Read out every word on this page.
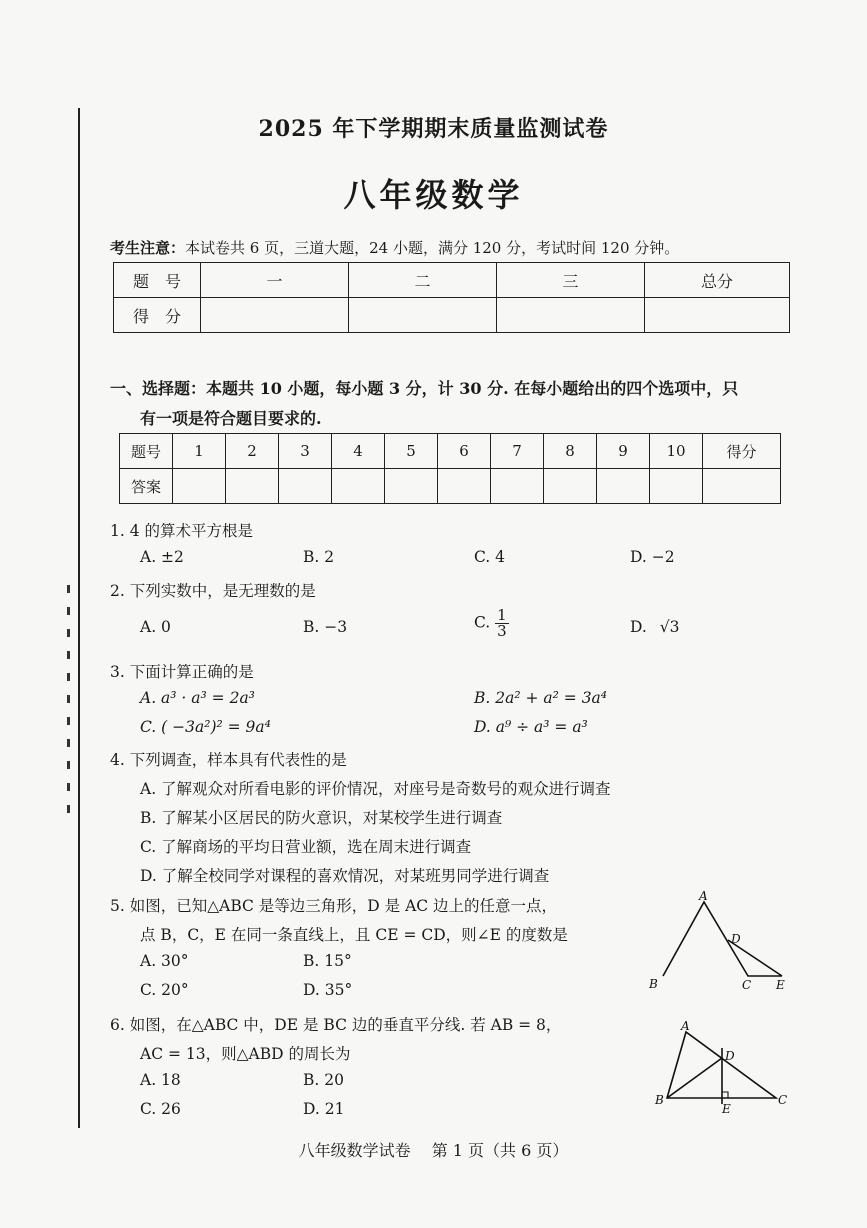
2025 年下学期期末质量监测试卷
八年级数学
考生注意：本试卷共 6 页，三道大题，24 小题，满分 120 分，考试时间 120 分钟。
题　号	一	二	三	总分
得　分				
一、选择题：本题共 10 小题，每小题 3 分，计 30 分. 在每小题给出的四个选项中，只
有一项是符合题目要求的.
题号	1	2	3	4	5	6	7	8	9	10	得分
答案											
1. 4 的算术平方根是
A. ±2	B. 2	C. 4	D. −2
2. 下列实数中，是无理数的是
A. 0	B. −3	C. $\frac{1}{3}$	D. √3
3. 下面计算正确的是
A. a³ · a³ = 2a³	B. 2a² + a² = 3a⁴
C. ( −3a²)² = 9a⁴	D. a⁹ ÷ a³ = a³
4. 下列调查，样本具有代表性的是
A. 了解观众对所看电影的评价情况，对座号是奇数号的观众进行调查
B. 了解某小区居民的防火意识，对某校学生进行调查
C. 了解商场的平均日营业额，选在周末进行调查
D. 了解全校同学对课程的喜欢情况，对某班男同学进行调查
5. 如图，已知△ABC 是等边三角形，D 是 AC 边上的任意一点，
点 B，C，E 在同一条直线上，且 CE = CD，则∠E 的度数是
A. 30°	B. 15°
C. 20°	D. 35°
A
B	C
D
E
6. 如图，在△ABC 中，DE 是 BC 边的垂直平分线. 若 AB = 8，
AC = 13，则△ABD 的周长为
A. 18	B. 20
C. 26	D. 21
A
B	C
D
E
八年级数学试卷 第 1 页（共 6 页）
